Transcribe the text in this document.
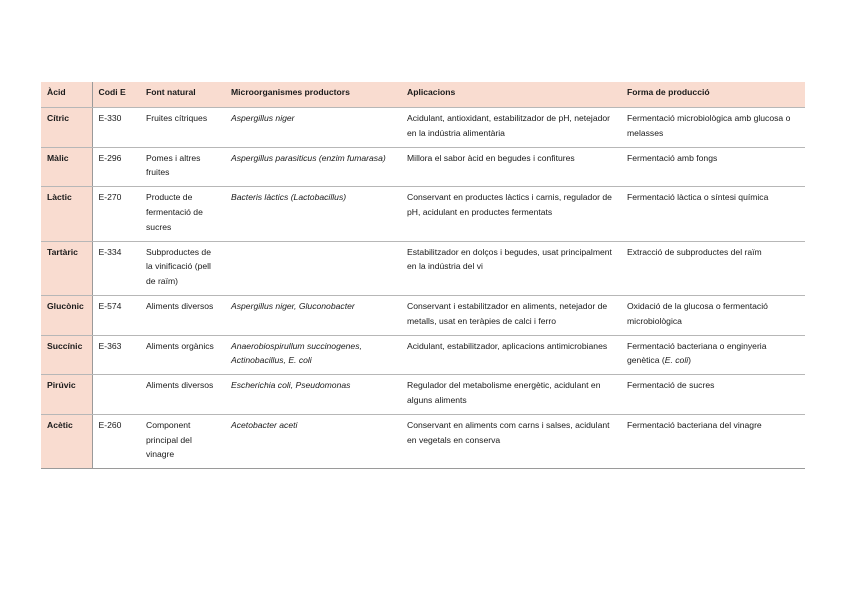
Àcid	Codi E	Font natural	Microorganismes productors	Aplicacions	Forma de producció
Cítric	E-330	Fruites cítriques	Aspergillus niger	Acidulant, antioxidant, estabilitzador de pH, netejador en la indústria alimentària	Fermentació microbiològica amb glucosa o melasses
Màlic	E-296	Pomes i altres fruites	Aspergillus parasiticus (enzim fumarasa)	Millora el sabor àcid en begudes i confitures	Fermentació amb fongs
Làctic	E-270	Producte de fermentació de sucres	Bacteris làctics (Lactobacillus)	Conservant en productes làctics i carnis, regulador de pH, acidulant en productes fermentats	Fermentació làctica o síntesi química
Tartàric	E-334	Subproductes de la vinificació (pell de raïm)		Estabilitzador en dolços i begudes, usat principalment en la indústria del vi	Extracció de subproductes del raïm
Glucònic	E-574	Aliments diversos	Aspergillus niger, Gluconobacter	Conservant i estabilitzador en aliments, netejador de metalls, usat en teràpies de calci i ferro	Oxidació de la glucosa o fermentació microbiològica
Succínic	E-363	Aliments orgànics	Anaerobiospirullum succinogenes, Actinobacillus, E. coli	Acidulant, estabilitzador, aplicacions antimicrobianes	Fermentació bacteriana o enginyeria genètica (E. coli)
Pirúvic		Aliments diversos	Escherichia coli, Pseudomonas	Regulador del metabolisme energètic, acidulant en alguns aliments	Fermentació de sucres
Acètic	E-260	Component principal del vinagre	Acetobacter aceti	Conservant en aliments com carns i salses, acidulant en vegetals en conserva	Fermentació bacteriana del vinagre
